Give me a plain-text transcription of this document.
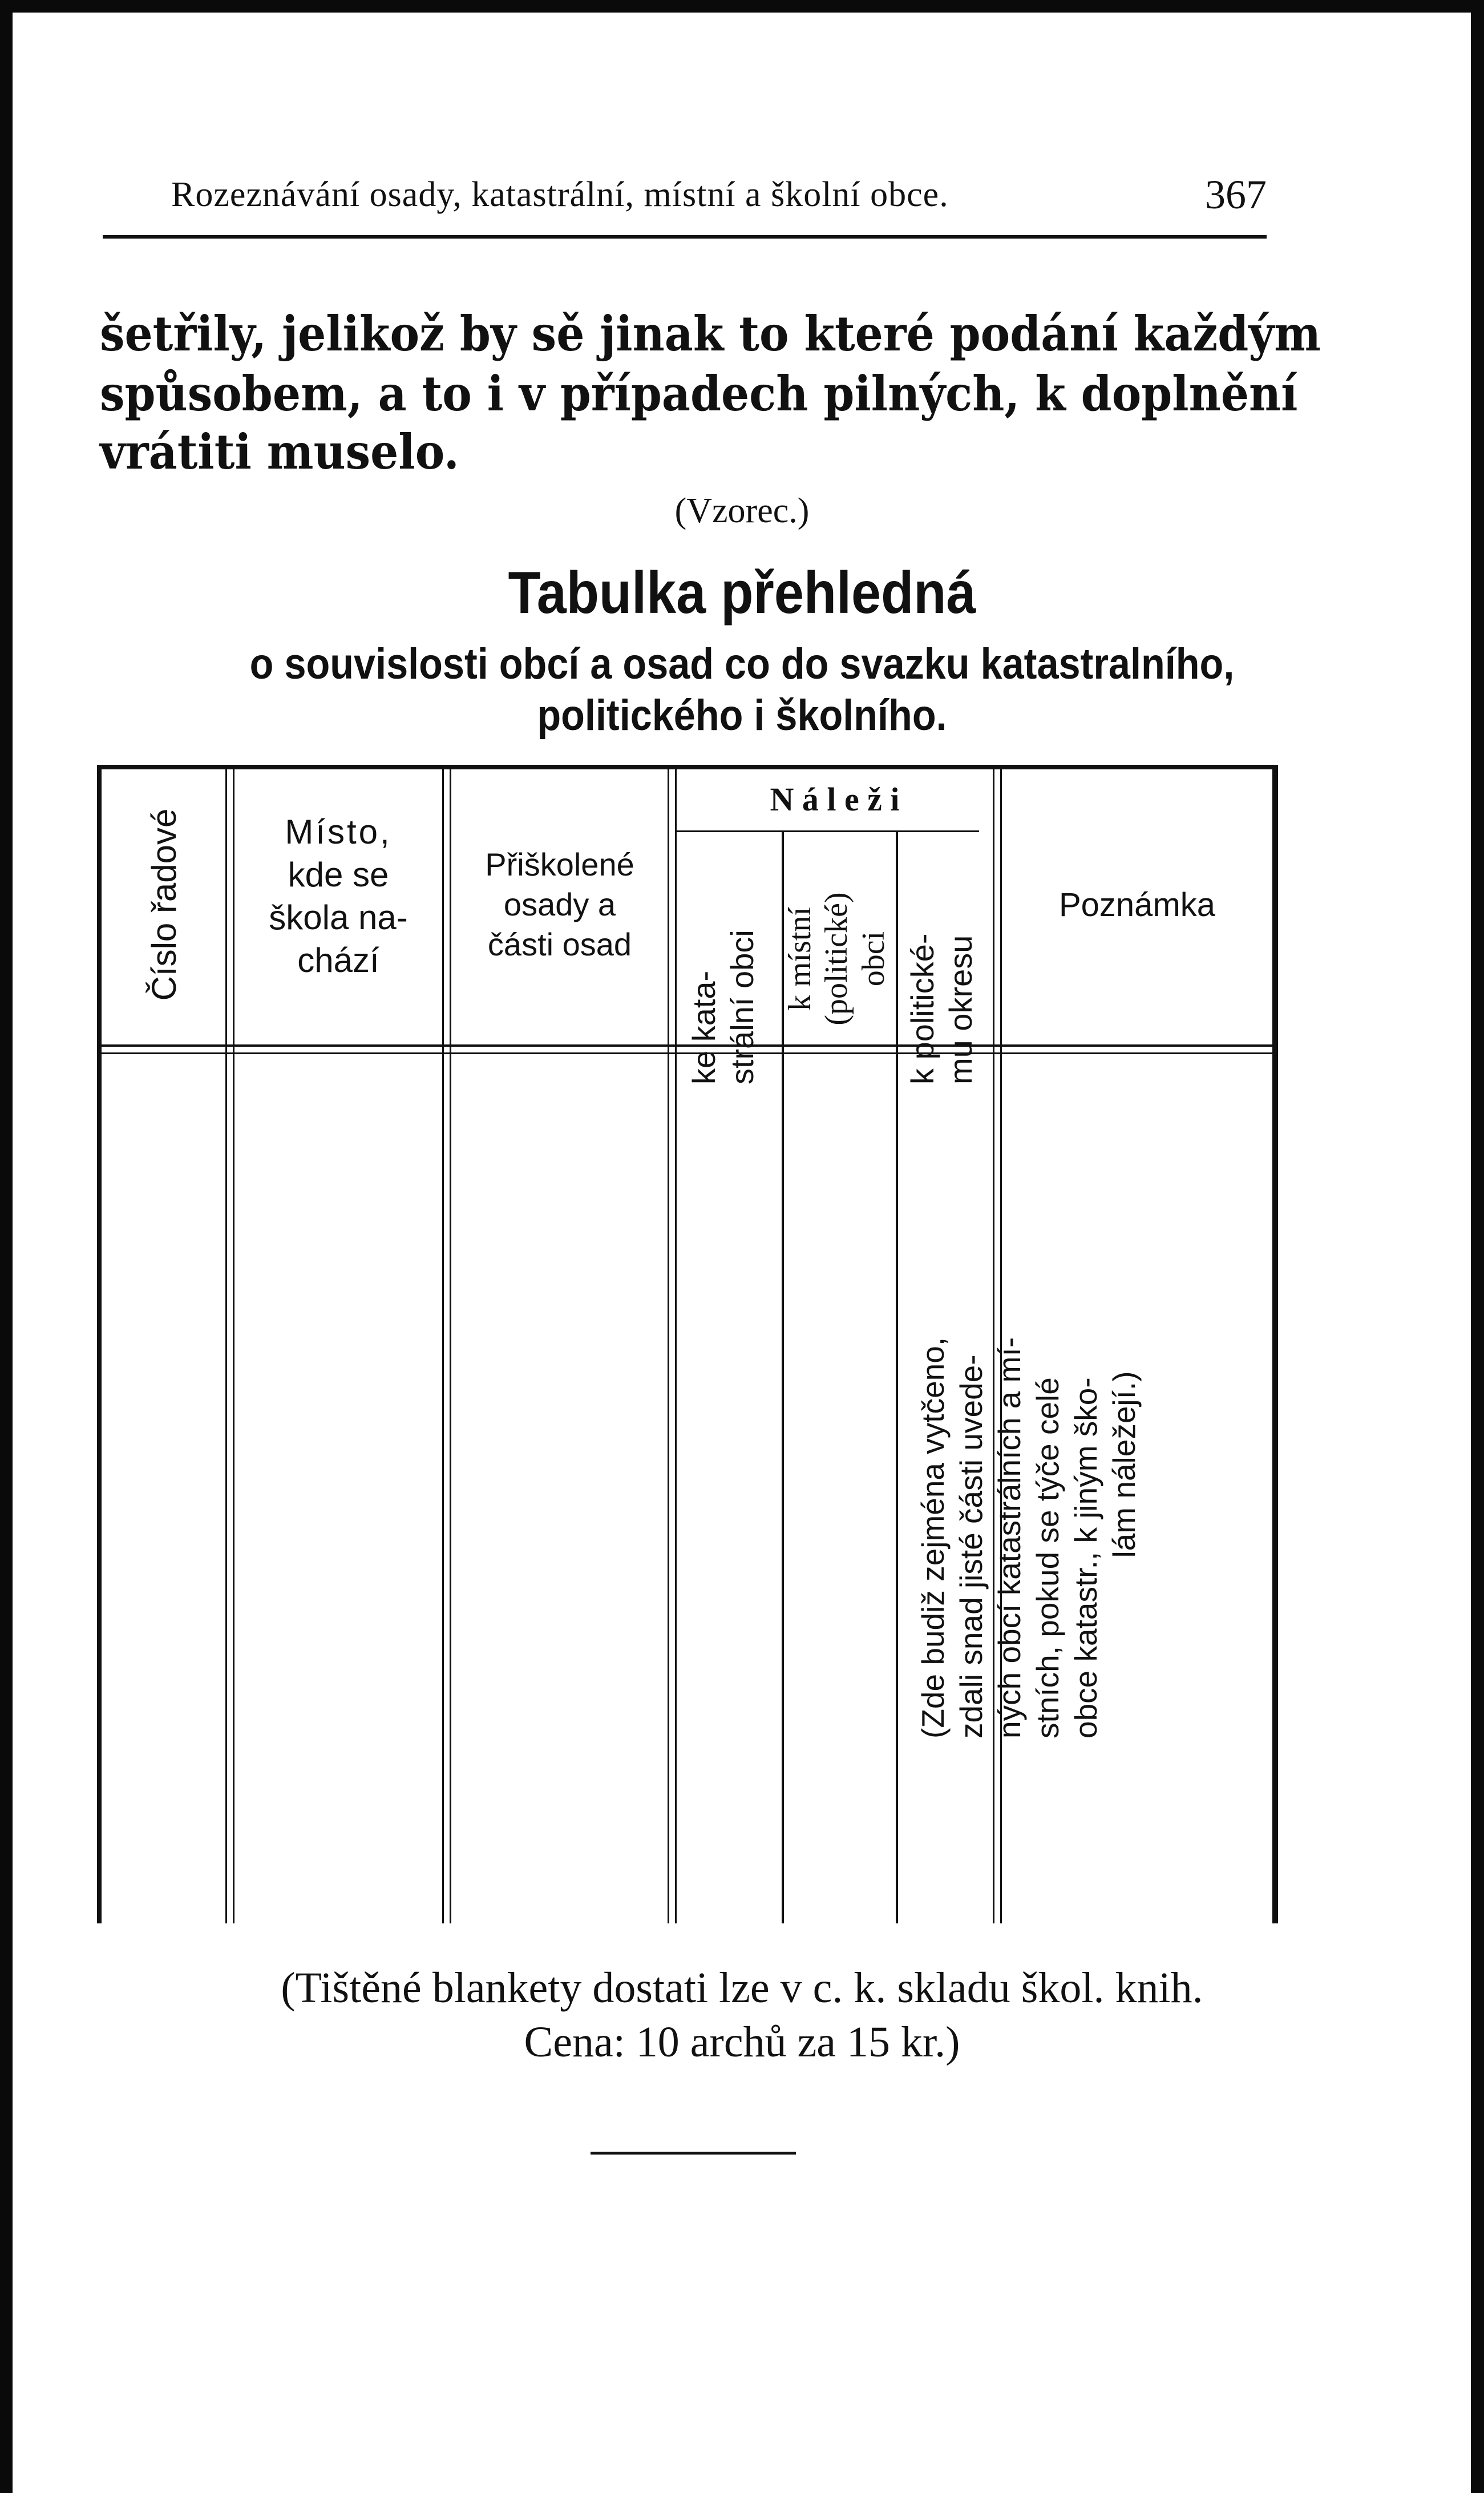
Rozeznávání osady, katastrální, místní a školní obce.	367
šetřily, jelikož by sě jinak to které podání každým
spůsobem, a to i v případech pilných, k doplnění
vrátiti muselo.
(Vzorec.)
Tabulka přehledná
o souvislosti obcí a osad co do svazku katastralního,
politického i školního.
Číslo řadové	Místo,
kde se
škola na-
chází
Přiškolené
osady a
části osad
N á l e ž i
ke kata- strální obci k místní (politické) obci k politické- mu okresu
Poznámka
(Zde budiž zejména vytčeno, zdali snad jisté části uvede- ných obcí katastrálních a mí- stních, pokud se týče celé obce katastr., k jiným ško- lám náležejí.)
(Tištěné blankety dostati lze v c. k. skladu škol. knih.
Cena: 10 archů za 15 kr.)
